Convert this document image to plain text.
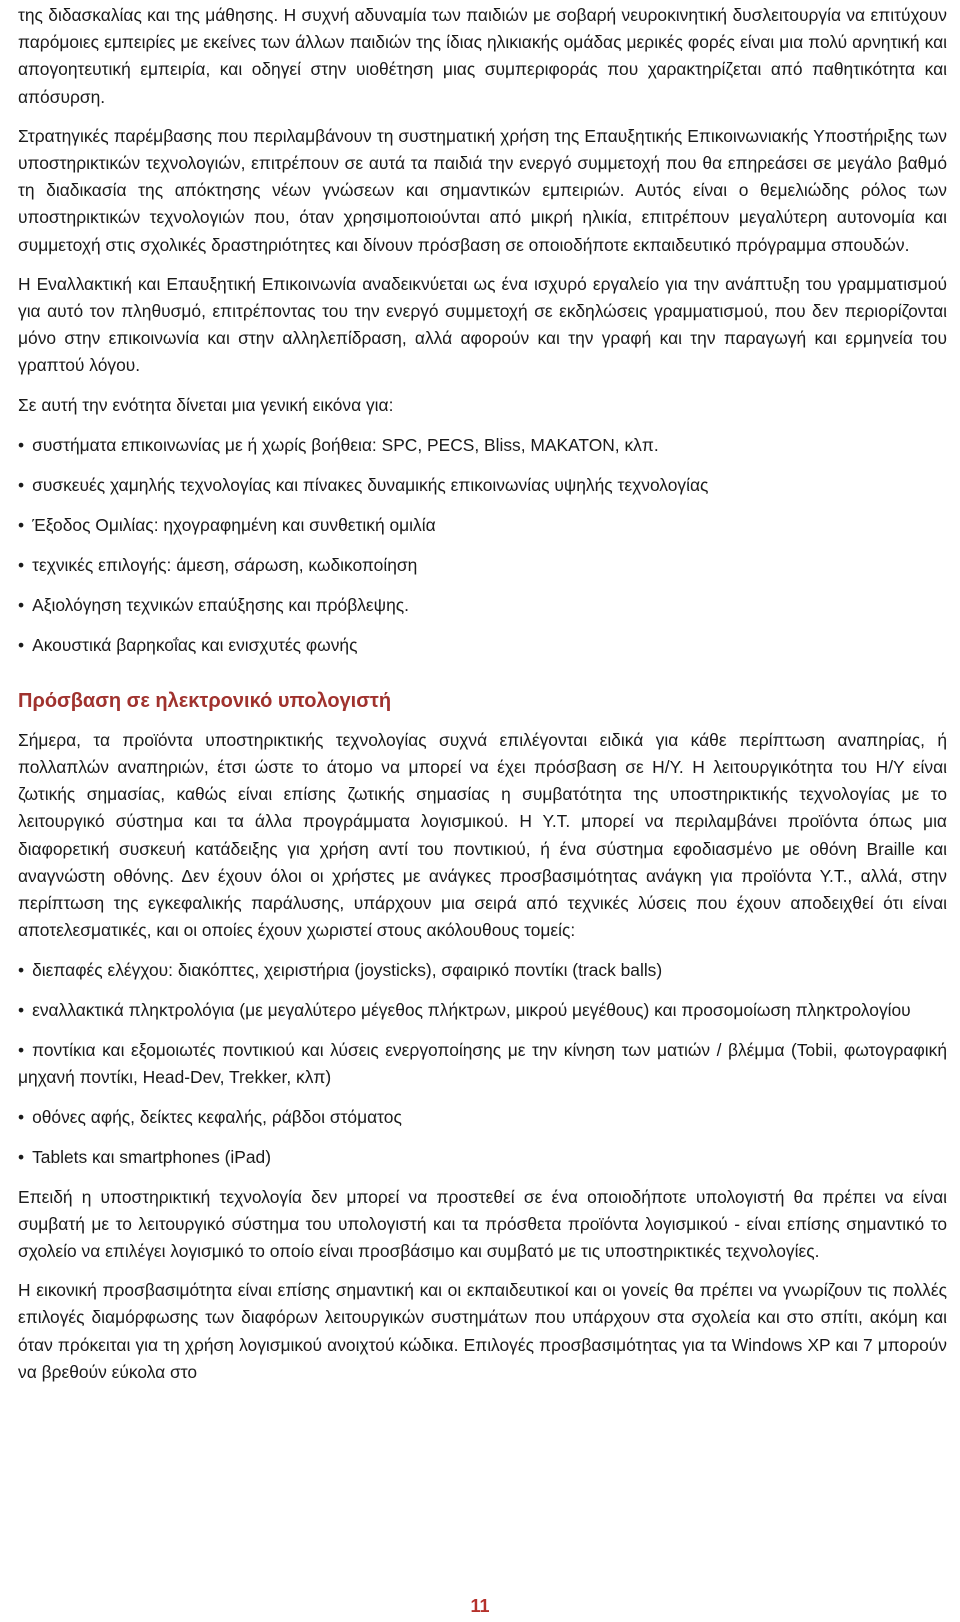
της διδασκαλίας και της μάθησης. Η συχνή αδυναμία των παιδιών με σοβαρή νευροκινητική δυσλειτουργία να επιτύχουν παρόμοιες εμπειρίες με εκείνες των άλλων παιδιών της ίδιας ηλικιακής ομάδας μερικές φορές είναι μια πολύ αρνητική και απογοητευτική εμπειρία, και οδηγεί στην υιοθέτηση μιας συμπεριφοράς που χαρακτηρίζεται από παθητικότητα και απόσυρση.

Στρατηγικές παρέμβασης που περιλαμβάνουν τη συστηματική χρήση της Επαυξητικής Επικοινωνιακής Υποστήριξης των υποστηρικτικών τεχνολογιών, επιτρέπουν σε αυτά τα παιδιά την ενεργό συμμετοχή που θα επηρεάσει σε μεγάλο βαθμό τη διαδικασία της απόκτησης νέων γνώσεων και σημαντικών εμπειριών. Αυτός είναι ο θεμελιώδης ρόλος των υποστηρικτικών τεχνολογιών που, όταν χρησιμοποιούνται από μικρή ηλικία, επιτρέπουν μεγαλύτερη αυτονομία και συμμετοχή στις σχολικές δραστηριότητες και δίνουν πρόσβαση σε οποιοδήποτε εκπαιδευτικό πρόγραμμα σπουδών.

Η Εναλλακτική και Επαυξητική Επικοινωνία αναδεικνύεται ως ένα ισχυρό εργαλείο για την ανάπτυξη του γραμματισμού για αυτό τον πληθυσμό, επιτρέποντας του την ενεργό συμμετοχή σε εκδηλώσεις γραμματισμού, που δεν περιορίζονται μόνο στην επικοινωνία και στην αλληλεπίδραση, αλλά αφορούν και την γραφή και την παραγωγή και ερμηνεία του γραπτού λόγου.

Σε αυτή την ενότητα δίνεται μια γενική εικόνα για:

• συστήματα επικοινωνίας με ή χωρίς βοήθεια: SPC, PECS, Bliss, MAKATON, κλπ.
• συσκευές χαμηλής τεχνολογίας και πίνακες δυναμικής επικοινωνίας υψηλής τεχνολογίας
• Έξοδος Ομιλίας: ηχογραφημένη και συνθετική ομιλία
• τεχνικές επιλογής: άμεση, σάρωση, κωδικοποίηση
• Αξιολόγηση τεχνικών επαύξησης και πρόβλεψης.
• Ακουστικά βαρηκοΐας και ενισχυτές φωνής
Πρόσβαση σε ηλεκτρονικό υπολογιστή

Σήμερα, τα προϊόντα υποστηρικτικής τεχνολογίας συχνά επιλέγονται ειδικά για κάθε περίπτωση αναπηρίας, ή πολλαπλών αναπηριών, έτσι ώστε το άτομο να μπορεί να έχει πρόσβαση σε Η/Υ. Η λειτουργικότητα του Η/Υ είναι ζωτικής σημασίας, καθώς είναι επίσης ζωτικής σημασίας η συμβατότητα της υποστηρικτικής τεχνολογίας με το λειτουργικό σύστημα και τα άλλα προγράμματα λογισμικού. Η Υ.Τ. μπορεί να περιλαμβάνει προϊόντα όπως μια διαφορετική συσκευή κατάδειξης για χρήση αντί του ποντικιού, ή ένα σύστημα εφοδιασμένο με οθόνη Braille και αναγνώστη οθόνης. Δεν έχουν όλοι οι χρήστες με ανάγκες προσβασιμότητας ανάγκη για προϊόντα Υ.Τ., αλλά, στην περίπτωση της εγκεφαλικής παράλυσης, υπάρχουν μια σειρά από τεχνικές λύσεις που έχουν αποδειχθεί ότι είναι αποτελεσματικές, και οι οποίες έχουν χωριστεί στους ακόλουθους τομείς:

• διεπαφές ελέγχου: διακόπτες, χειριστήρια (joysticks), σφαιρικό ποντίκι (track balls)
• εναλλακτικά πληκτρολόγια (με μεγαλύτερο μέγεθος πλήκτρων, μικρού μεγέθους) και προσομοίωση πληκτρολογίου
• ποντίκια και εξομοιωτές ποντικιού και λύσεις ενεργοποίησης με την κίνηση των ματιών / βλέμμα (Tobii, φωτογραφική μηχανή ποντίκι, Head-Dev, Trekker, κλπ)
• οθόνες αφής, δείκτες κεφαλής, ράβδοι στόματος
• Tablets και smartphones (iPad)

Επειδή η υποστηρικτική τεχνολογία δεν μπορεί να προστεθεί σε ένα οποιοδήποτε υπολογιστή θα πρέπει να είναι συμβατή με το λειτουργικό σύστημα του υπολογιστή και τα πρόσθετα προϊόντα λογισμικού - είναι επίσης σημαντικό το σχολείο να επιλέγει λογισμικό το οποίο είναι προσβάσιμο και συμβατό με τις υποστηρικτικές τεχνολογίες.

Η εικονική προσβασιμότητα είναι επίσης σημαντική και οι εκπαιδευτικοί και οι γονείς θα πρέπει να γνωρίζουν τις πολλές επιλογές διαμόρφωσης των διαφόρων λειτουργικών συστημάτων που υπάρχουν στα σχολεία και στο σπίτι, ακόμη και όταν πρόκειται για τη χρήση λογισμικού ανοιχτού κώδικα. Επιλογές προσβασιμότητας για τα Windows XP και 7 μπορούν να βρεθούν εύκολα στο

11
